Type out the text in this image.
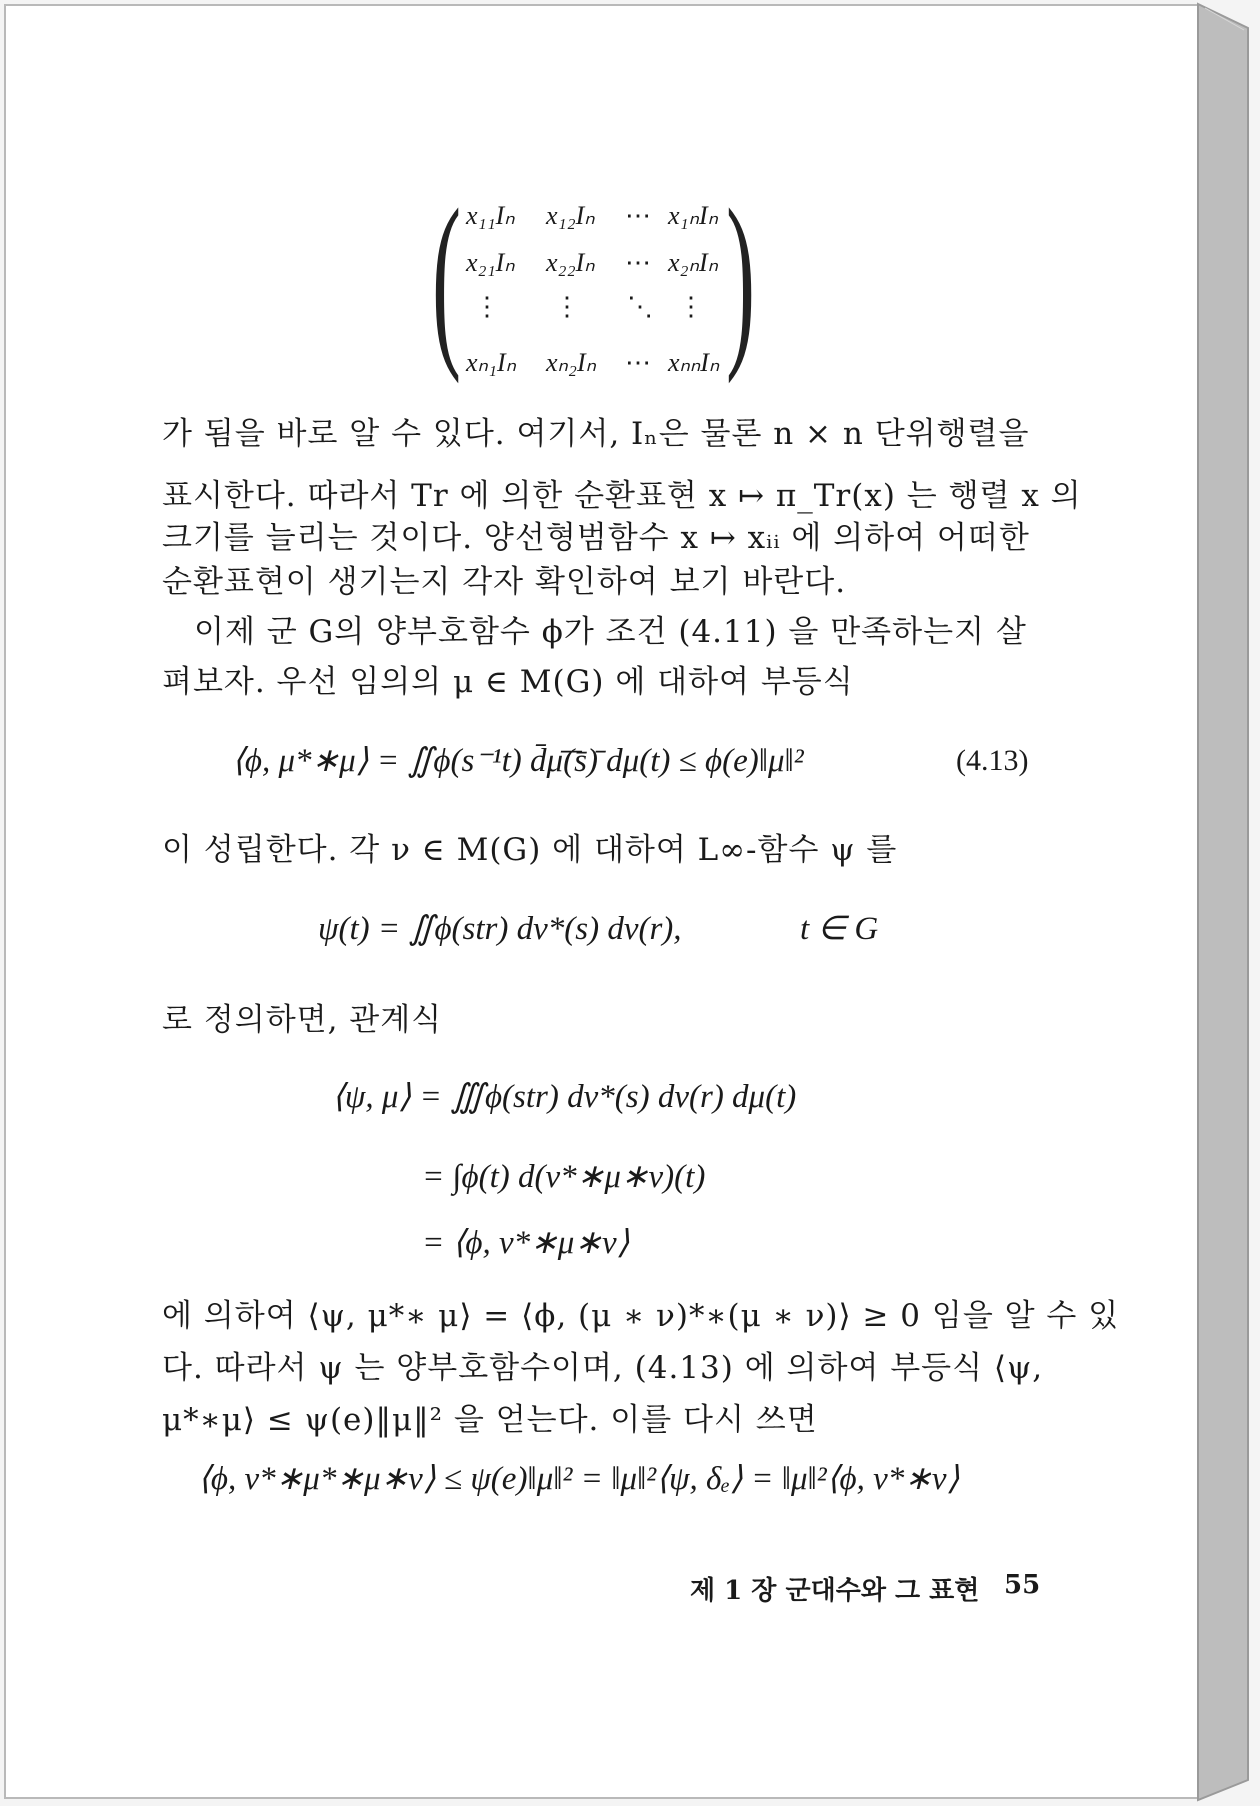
( )
x₁₁Iₙ x₁₂Iₙ ⋯ x₁ₙIₙ
x₂₁Iₙ x₂₂Iₙ ⋯ x₂ₙIₙ
⋮ ⋮ ⋱ ⋮
xₙ₁Iₙ xₙ₂Iₙ ⋯ xₙₙIₙ
가 됨을 바로 알 수 있다. 여기서, Iₙ은 물론 n × n 단위행렬을
표시한다. 따라서 Tr 에 의한 순환표현 x ↦ π_Tr(x) 는 행렬 x 의
크기를 늘리는 것이다. 양선형범함수 x ↦ xᵢᵢ 에 의하여 어떠한
순환표현이 생기는지 각자 확인하여 보기 바란다.
이제 군 G의 양부호함수 ϕ가 조건 (4.11) 을 만족하는지 살
펴보자. 우선 임의의 μ ∈ M(G) 에 대하여 부등식
⟨ϕ, μ*∗μ⟩ = ∬ϕ(s⁻¹t) d̄μ̄(̄s̄)̄ dμ(t) ≤ ϕ(e)‖μ‖²	(4.13)
이 성립한다. 각 ν ∈ M(G) 에 대하여 L∞-함수 ψ 를
ψ(t) = ∬ϕ(str) dν*(s) dν(r),	t ∈ G
로 정의하면, 관계식
⟨ψ, μ⟩ = ∭ϕ(str) dν*(s) dν(r) dμ(t)
= ∫ϕ(t) d(ν*∗μ∗ν)(t)
= ⟨ϕ, ν*∗μ∗ν⟩
에 의하여 ⟨ψ, μ*∗ μ⟩ = ⟨ϕ, (μ ∗ ν)*∗(μ ∗ ν)⟩ ≥ 0 임을 알 수 있
다. 따라서 ψ 는 양부호함수이며, (4.13) 에 의하여 부등식 ⟨ψ,
μ*∗μ⟩ ≤ ψ(e)‖μ‖² 을 얻는다. 이를 다시 쓰면
⟨ϕ, ν*∗μ*∗μ∗ν⟩ ≤ ψ(e)‖μ‖² = ‖μ‖²⟨ψ, δₑ⟩ = ‖μ‖²⟨ϕ, ν*∗ν⟩
제 1 장 군대수와 그 표현 55
